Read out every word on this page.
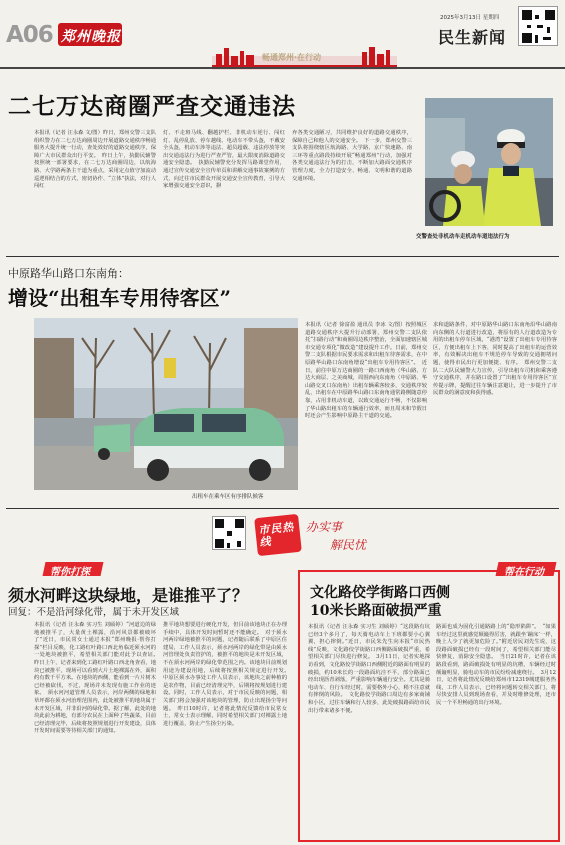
A06 郑州晚报
2025年3月13日 星期四
民生新闻
畅通郑州·在行动
二七万达商圈严查交通违法
本报讯（记者 汪永森 文/图）昨日，郑州交警三支队组织警力在二七万达商圈周边开展道路交通秩序畅通服务大提升统一行动，查处效好的道路交通秩序，保障广大市民群众出行平安。　昨日上午，执勤民辅警按照统一部署要求，在二七万达商圈周边，以航海路、大学路两条主干道为重点，采用定点值守加流动巡逻相结合的方式，密切协作、“立体”执法，对行人闯红
灯、不走斑马线、翻越护栏、非机动车逆行、闯红灯、乱停乱放、停车越线、电动车不带头盔，不戴安全头盔，机动车涉等违法、超员超载、违法停放等突出交通违法行为进行严查严管，最大限度消除道路交通安全隐患。　执勤民辅警充分发挥马路课堂作用，通过宣传交通安全宣传单页和讲解交通事故案例的方式，向过往市民群众开展交通安全宣传教育，引导大家增强交通安全意识，摒
弃各类交通陋习，共同维护良好的道路交通秩序，保障自己和他人的交通安全。　下一步，郑州交警三支队将围绕辖区航海路、大学路、京广快速路、南三环等重点路段持续开展“畅通郑州”行动，加强对各类交通违法行为的打击，不断加大路面交通秩序管理力度，全力打造安全、畅通、文明和谐的道路交通环境。
交警查处非机动车走机动车道违法行为
中原路华山路口东南角：
增设“出租车专用待客区”
出租车在乘车区有序排队候客
本报讯（记者 徐富盈 通讯员 李冰 文/图）按照城区道路交通秩序大提升行动部署，郑州交警二支队依托“扫路行动”和商圈周边秩序整治，全面加速辖区城市交通专项化“微改造”建设提升工作。日前，郑州交警二支队根据市民要求需求和出租车待客需求，在中原路华山路口东南角增设“出租车专用待客区”。　近日，前往中原万达商圈的一路口西南角（华山路、方达大商层、之美商城，周围西向东南角（中原路、华山路交叉口东南角）出租车辆乘客较多，交通秩序较乱，出租车在中原路华山路口东南角通常路侧随意停靠，占用非机动车道，以致交通运行不畅，不仅影响了华山路出租车的车辆通行效率，而且周末和节假日时还会产生影响中原路主干道的交通。
求和道路条件，对中原路华山路口东南角沿华山路南向东侧的人行道进行改造，将原有的人行道改造为专用的出租车停车区域，“港湾”设置了出租车专用待客区，方便出租车上下客，同时提高了出租车的运营效率，有效解决出租车不规范停车导致的交通拥堵问题，使得市民出行更加便捷、有序。　郑州交警二支队二大队民辅警大力宣传，引导出租车司机和乘客遵守交通秩序，并在路口设置了“出租车专用待客区”宣传提示牌，提醒过往车辆注意避让，进一步提升了市民群众的满意度和获得感。
市民热线
办实事
解民忧
帮你打探
须水河畔这块绿地，是谁推平了？
回复：不是沿河绿化带，属于未开发区域
本报讯（记者 汪永森 实习生 刘硕婷）“河道边的绿地被推平了，大量黄土裸露，沿河风景都被破坏了”近日，市民常女士通过本报“郑州晚报·帮你打探”栏目反映，化工路红叶路口西北角临近须水河的一处地块被推平，希望相关部门能对此予以查证。　昨日上午，记者来到化工路红叶路口西北角查看，地块已被推平，现场可以看到大片土地裸露在外，面积约有数千平方米。在地块的西侧，能看到一片片树木已经被砍伐，不过，现场并未发现有施工作业的迹象。　须水河河道管理人员表示，河岸两侧的绿地和草坪都在须水河治理范围内，此处被推平的地块属于未开发区域，并非沿河的绿化带。据了解，此处的地块此前为耕地，有部分农民在上面种了些蔬菜，目前已经清理完毕，后续将按照规划进行开发建设，具体开发时间需要等待相关部门的通知。
推平地块想要进行硬化开发，但目前该地块正在办理手续中，具体开发时间暂时还不能确定。　对于须水河两岸绿地被推平的问题，记者随后联系了中原区住建局，工作人员表示，须水河两岸的绿化带是由须水河管理处负责管护的，被推平的地块是未开发区域，不在须水河两岸的绿化带范围之内。该地块目前规划用途为建设用地，后续将按照相关规定进行开发。　中原区须水办事处工作人员表示，该地块之前种植的是农作物，目前已经清理完毕，后期将按规划进行建设。同时，工作人员表示，对于市民反映的问题，相关部门将会加强对该地块的管理，防止出现扬尘等问题。　昨日10时许，记者将此情况反馈给市民常女士，常女士表示理解，同时希望相关部门对裸露土地进行覆盖，防止产生扬尘污染。
帮在行动
文化路佼学街路口西侧
10米长路面破损严重
本报讯（记者 汪永森 实习生 刘硕婷）“这段路有坑已经3个多月了，每天骑电动车上下班都要小心翼翼，担心摔倒。”近日，市民朱先生向本报“市民热线”反映，文化路佼学街路口西侧路面破损严重，希望相关部门尽快进行修复。　3月11日，记者实地探访看到，文化路佼学街路口西侧附近的路面有明显的破损，约10米长的一段路面坑洼不平，部分路面已经出现沥青剥落，严重影响车辆通行安全。尤其是骑电动车、自行车经过时，需要格外小心，稍不注意就有摔倒的风险。　文化路佼学街路口周边有多家商铺和小区，过往车辆和行人较多，此处破损路面给市民出行带来诸多不便。
路面也成为固化引通路路上的“隐形陷阱”。　“如果车经过这里就感觉颠簸得厉害，就跟坐‘蹦床’一样，晚上人少了就更加危险了。”附近居民刘先生说，这段路面破损已经有一段时间了，希望相关部门能尽快修复，消除安全隐患。　当日21时许，记者在该路段看到，路面破损处有明显的坑槽，车辆经过时颠簸明显，骑电动车的市民纷纷减速绕行。　3月12日，记者将此情况反映给郑州市12319城建服务热线，工作人员表示，已经将问题转交相关部门，将尽快安排人员到现场查看，并及时维修处理，还市民一个平坦畅通的出行环境。
